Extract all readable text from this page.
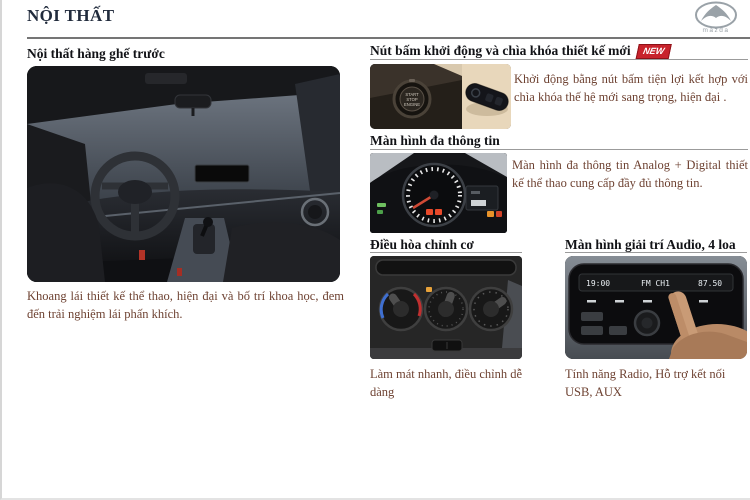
NỘI THẤT
mazda
Nội thất hàng ghế trước
Khoang lái thiết kế thể thao, hiện đại và bố trí khoa học, đem đến trải nghiệm lái phấn khích.
Nút bấm khởi động và chìa khóa thiết kế mới NEW
START
STOP
ENGINE
Khởi động bằng nút bấm tiện lợi kết hợp với chìa khóa thế hệ mới sang trọng, hiện đại .
Màn hình đa thông tin
Màn hình đa thông tin Analog + Digital thiết kế thể thao cung cấp đầy đủ thông tin.
Điều hòa chỉnh cơ
Làm mát nhanh, điều chỉnh dễ dàng
Màn hình giải trí Audio, 4 loa
19:00	FM CH1	87.50
Tính năng Radio, Hỗ trợ kết nối USB, AUX
